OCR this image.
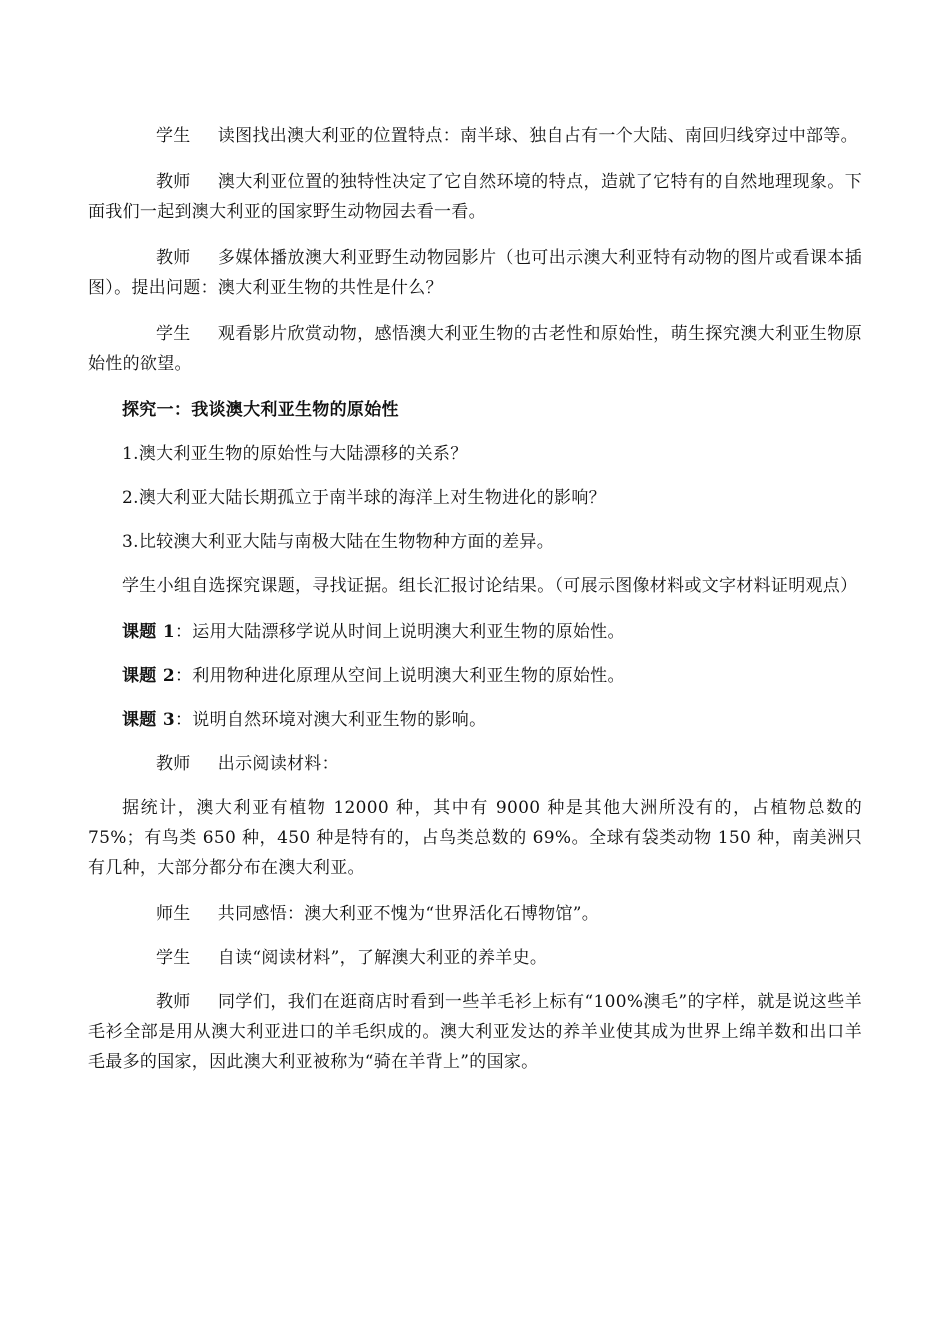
学生 读图找出澳大利亚的位置特点：南半球、独自占有一个大陆、南回归线穿过中部等。

教师 澳大利亚位置的独特性决定了它自然环境的特点，造就了它特有的自然地理现象。下面我们一起到澳大利亚的国家野生动物园去看一看。

教师 多媒体播放澳大利亚野生动物园影片（也可出示澳大利亚特有动物的图片或看课本插图）。提出问题：澳大利亚生物的共性是什么？

学生 观看影片欣赏动物，感悟澳大利亚生物的古老性和原始性，萌生探究澳大利亚生物原始性的欲望。

探究一：我谈澳大利亚生物的原始性

1.澳大利亚生物的原始性与大陆漂移的关系？

2.澳大利亚大陆长期孤立于南半球的海洋上对生物进化的影响？

3.比较澳大利亚大陆与南极大陆在生物物种方面的差异。

学生小组自选探究课题，寻找证据。组长汇报讨论结果。（可展示图像材料或文字材料证明观点）

课题 1：运用大陆漂移学说从时间上说明澳大利亚生物的原始性。

课题 2：利用物种进化原理从空间上说明澳大利亚生物的原始性。

课题 3：说明自然环境对澳大利亚生物的影响。

教师 出示阅读材料：

据统计，澳大利亚有植物 12000 种，其中有 9000 种是其他大洲所没有的，占植物总数的 75%；有鸟类 650 种，450 种是特有的，占鸟类总数的 69%。全球有袋类动物 150 种，南美洲只有几种，大部分都分布在澳大利亚。

师生 共同感悟：澳大利亚不愧为“世界活化石博物馆”。

学生 自读“阅读材料”，了解澳大利亚的养羊史。

教师 同学们，我们在逛商店时看到一些羊毛衫上标有“100%澳毛”的字样，就是说这些羊毛衫全部是用从澳大利亚进口的羊毛织成的。澳大利亚发达的养羊业使其成为世界上绵羊数和出口羊毛最多的国家，因此澳大利亚被称为“骑在羊背上”的国家。
